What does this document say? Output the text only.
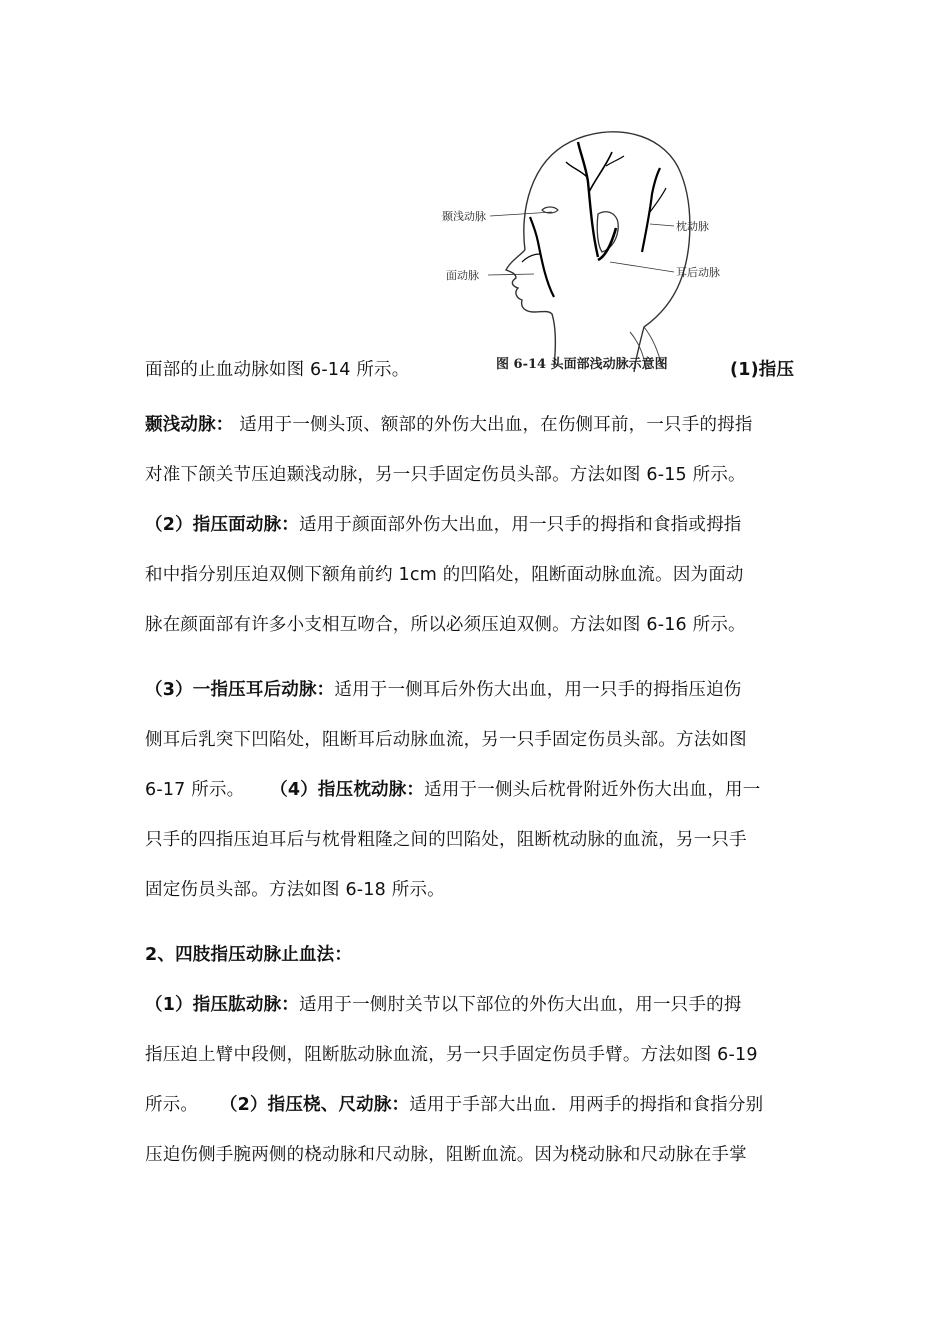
颞浅动脉
面动脉
枕动脉
耳后动脉
图 6-14 头面部浅动脉示意图
面部的止血动脉如图 6-14 所示。	(1)指压
颞浅动脉： 适用于一侧头顶、额部的外伤大出血，在伤侧耳前，一只手的拇指
对准下颌关节压迫颞浅动脉，另一只手固定伤员头部。方法如图 6-15 所示。
（2）指压面动脉：适用于颜面部外伤大出血，用一只手的拇指和食指或拇指
和中指分别压迫双侧下额角前约 1cm 的凹陷处，阻断面动脉血流。因为面动
脉在颜面部有许多小支相互吻合，所以必须压迫双侧。方法如图 6-16 所示。
（3）一指压耳后动脉：适用于一侧耳后外伤大出血，用一只手的拇指压迫伤
侧耳后乳突下凹陷处，阻断耳后动脉血流，另一只手固定伤员头部。方法如图
6-17 所示。 （4）指压枕动脉：适用于一侧头后枕骨附近外伤大出血，用一
只手的四指压迫耳后与枕骨粗隆之间的凹陷处，阻断枕动脉的血流，另一只手
固定伤员头部。方法如图 6-18 所示。
2、四肢指压动脉止血法：
（1）指压肱动脉：适用于一侧肘关节以下部位的外伤大出血，用一只手的拇
指压迫上臂中段侧，阻断肱动脉血流，另一只手固定伤员手臂。方法如图 6-19
所示。 （2）指压桡、尺动脉：适用于手部大出血．用两手的拇指和食指分别
压迫伤侧手腕两侧的桡动脉和尺动脉，阻断血流。因为桡动脉和尺动脉在手掌
